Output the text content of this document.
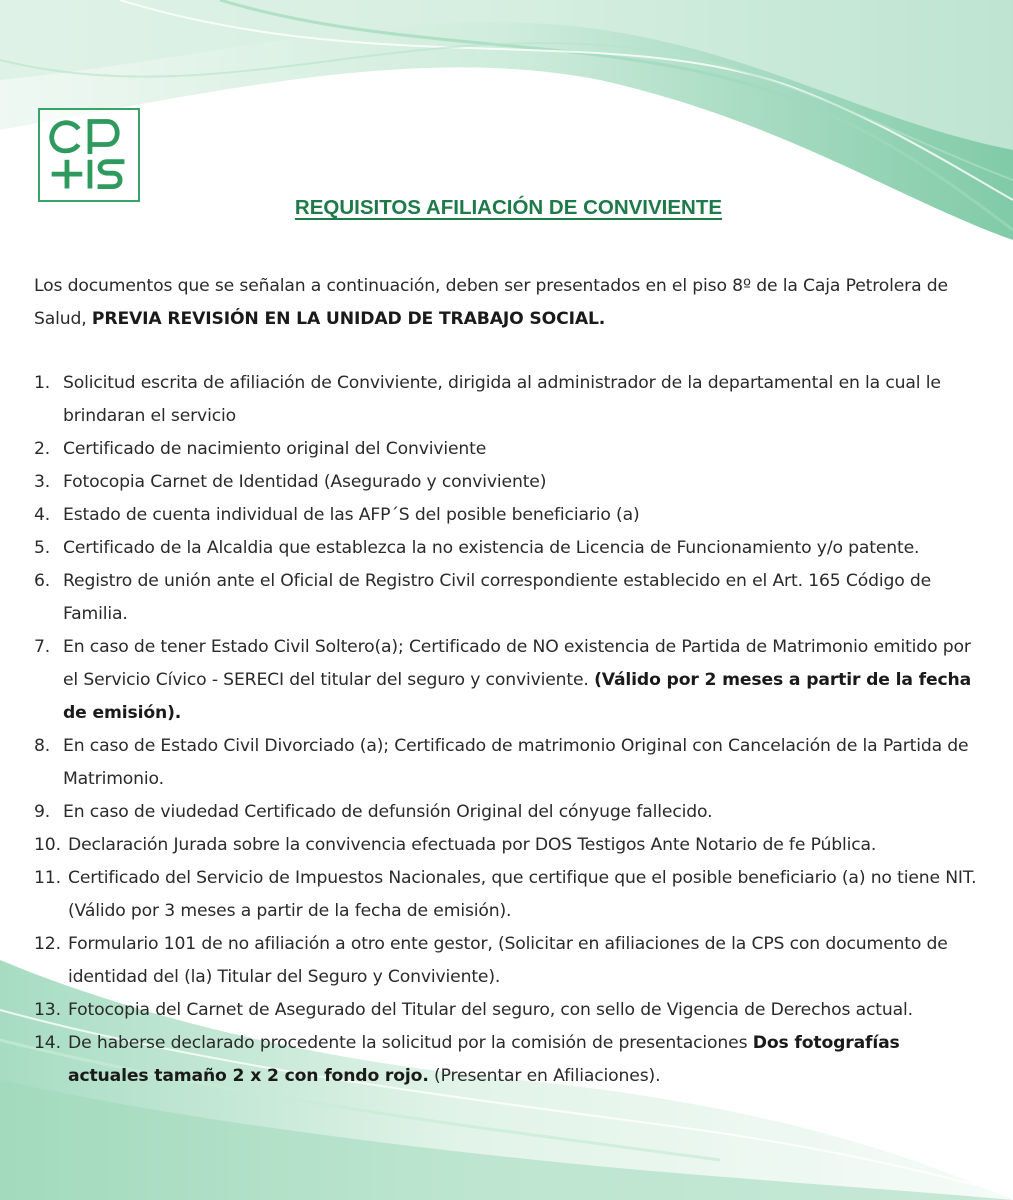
REQUISITOS AFILIACIÓN DE CONVIVIENTE
Los documentos que se señalan a continuación, deben ser presentados en el piso 8º de la Caja Petrolera de Salud, PREVIA REVISIÓN EN LA UNIDAD DE TRABAJO SOCIAL.
1. Solicitud escrita de afiliación de Conviviente, dirigida al administrador de la departamental en la cual le brindaran el servicio
2. Certificado de nacimiento original del Conviviente
3. Fotocopia Carnet de Identidad (Asegurado y conviviente)
4. Estado de cuenta individual de las AFP´S del posible beneficiario (a)
5. Certificado de la Alcaldia que establezca la no existencia de Licencia de Funcionamiento y/o patente.
6. Registro de unión ante el Oficial de Registro Civil correspondiente establecido en el Art. 165 Código de Familia.
7. En caso de tener Estado Civil Soltero(a); Certificado de NO existencia de Partida de Matrimonio emitido por el Servicio Cívico - SERECI del titular del seguro y conviviente. (Válido por 2 meses a partir de la fecha de emisión).
8. En caso de Estado Civil Divorciado (a); Certificado de matrimonio Original con Cancelación de la Partida de Matrimonio.
9. En caso de viudedad Certificado de defunsión Original del cónyuge fallecido.
10. Declaración Jurada sobre la convivencia efectuada por DOS Testigos Ante Notario de fe Pública.
11. Certificado del Servicio de Impuestos Nacionales, que certifique que el posible beneficiario (a) no tiene NIT. (Válido por 3 meses a partir de la fecha de emisión).
12. Formulario 101 de no afiliación a otro ente gestor, (Solicitar en afiliaciones de la CPS con documento de identidad del (la) Titular del Seguro y Conviviente).
13. Fotocopia del Carnet de Asegurado del Titular del seguro, con sello de Vigencia de Derechos actual.
14. De haberse declarado procedente la solicitud por la comisión de presentaciones Dos fotografías actuales tamaño 2 x 2 con fondo rojo. (Presentar en Afiliaciones).
